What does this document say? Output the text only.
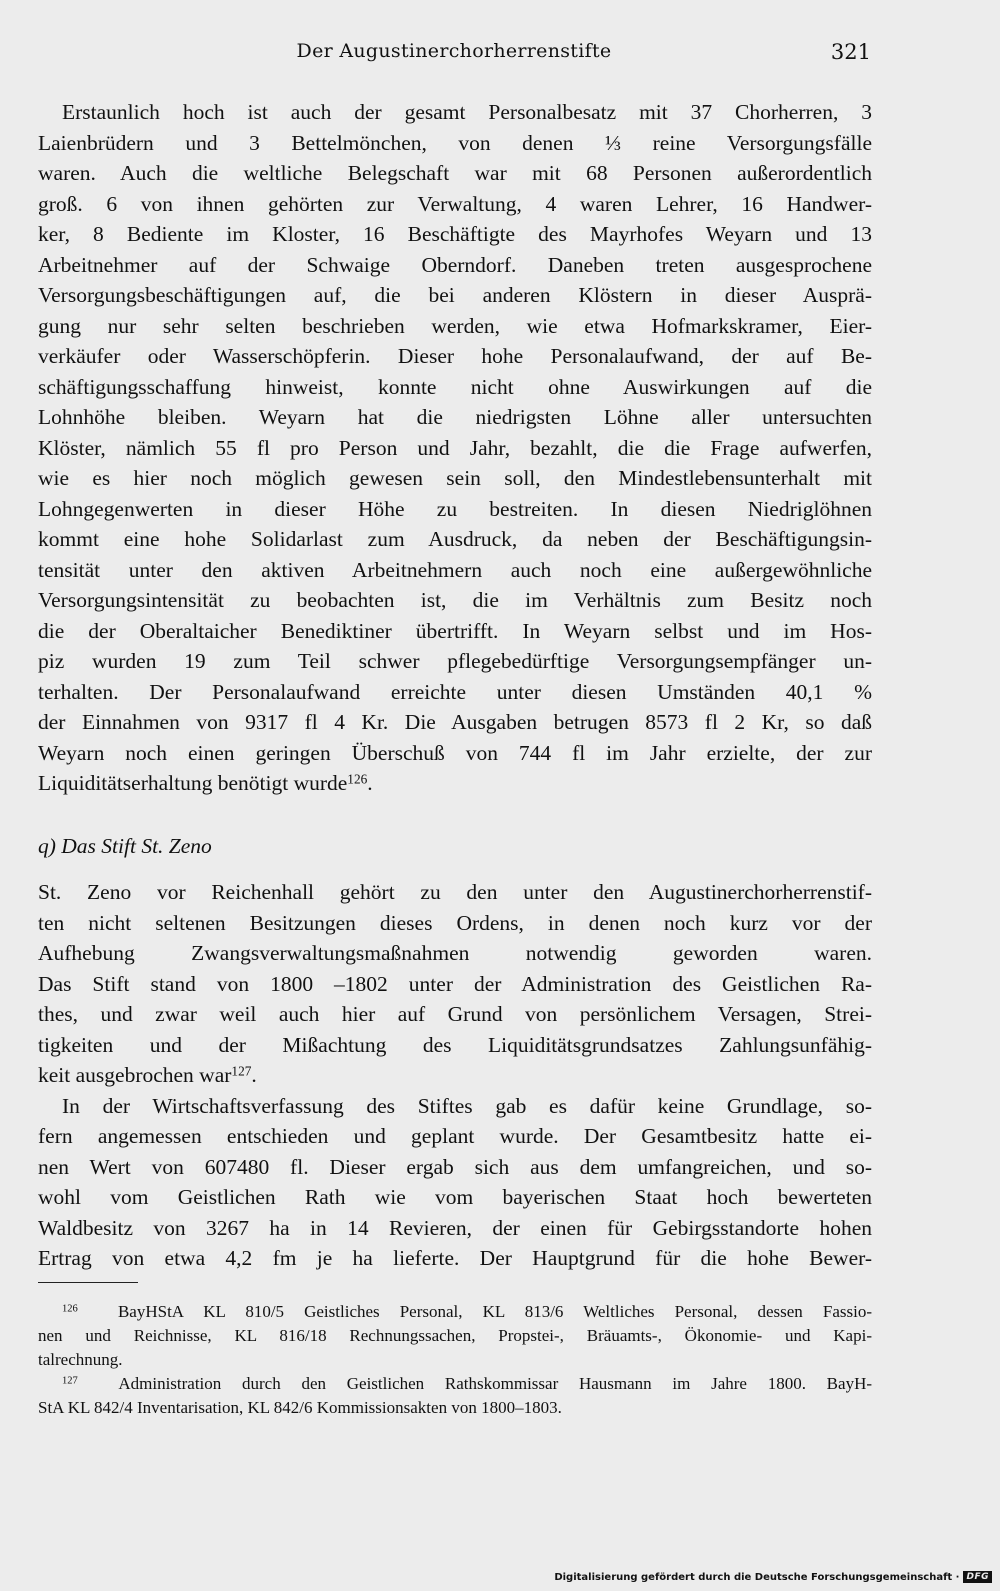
Der Augustinerchorherrenstifte	321
Erstaunlich hoch ist auch der gesamt Personalbesatz mit 37 Chorherren, 3
Laienbrüdern und 3 Bettelmönchen, von denen ⅓ reine Versorgungsfälle
waren. Auch die weltliche Belegschaft war mit 68 Personen außerordentlich
groß. 6 von ihnen gehörten zur Verwaltung, 4 waren Lehrer, 16 Handwer-
ker, 8 Bediente im Kloster, 16 Beschäftigte des Mayrhofes Weyarn und 13
Arbeitnehmer auf der Schwaige Oberndorf. Daneben treten ausgesprochene
Versorgungsbeschäftigungen auf, die bei anderen Klöstern in dieser Ausprä-
gung nur sehr selten beschrieben werden, wie etwa Hofmarkskramer, Eier-
verkäufer oder Wasserschöpferin. Dieser hohe Personalaufwand, der auf Be-
schäftigungsschaffung hinweist, konnte nicht ohne Auswirkungen auf die
Lohnhöhe bleiben. Weyarn hat die niedrigsten Löhne aller untersuchten
Klöster, nämlich 55 fl pro Person und Jahr, bezahlt, die die Frage aufwerfen,
wie es hier noch möglich gewesen sein soll, den Mindestlebensunterhalt mit
Lohngegenwerten in dieser Höhe zu bestreiten. In diesen Niedriglöhnen
kommt eine hohe Solidarlast zum Ausdruck, da neben der Beschäftigungsin-
tensität unter den aktiven Arbeitnehmern auch noch eine außergewöhnliche
Versorgungsintensität zu beobachten ist, die im Verhältnis zum Besitz noch
die der Oberaltaicher Benediktiner übertrifft. In Weyarn selbst und im Hos-
piz wurden 19 zum Teil schwer pflegebedürftige Versorgungsempfänger un-
terhalten. Der Personalaufwand erreichte unter diesen Umständen 40,1 %
der Einnahmen von 9317 fl 4 Kr. Die Ausgaben betrugen 8573 fl 2 Kr, so daß
Weyarn noch einen geringen Überschuß von 744 fl im Jahr erzielte, der zur
Liquiditätserhaltung benötigt wurde$^{126}$.
q) Das Stift St. Zeno
St. Zeno vor Reichenhall gehört zu den unter den Augustinerchorherrenstif-
ten nicht seltenen Besitzungen dieses Ordens, in denen noch kurz vor der
Aufhebung Zwangsverwaltungsmaßnahmen notwendig geworden waren.
Das Stift stand von 1800 –1802 unter der Administration des Geistlichen Ra-
thes, und zwar weil auch hier auf Grund von persönlichem Versagen, Strei-
tigkeiten und der Mißachtung des Liquiditätsgrundsatzes Zahlungsunfähig-
keit ausgebrochen war$^{127}$.
In der Wirtschaftsverfassung des Stiftes gab es dafür keine Grundlage, so-
fern angemessen entschieden und geplant wurde. Der Gesamtbesitz hatte ei-
nen Wert von 607480 fl. Dieser ergab sich aus dem umfangreichen, und so-
wohl vom Geistlichen Rath wie vom bayerischen Staat hoch bewerteten
Waldbesitz von 3267 ha in 14 Revieren, der einen für Gebirgsstandorte hohen
Ertrag von etwa 4,2 fm je ha lieferte. Der Hauptgrund für die hohe Bewer-
$^{126}$ BayHStA KL 810/5 Geistliches Personal, KL 813/6 Weltliches Personal, dessen Fassio-
nen und Reichnisse, KL 816/18 Rechnungssachen, Propstei-, Bräuamts-, Ökonomie- und Kapi-
talrechnung.
$^{127}$ Administration durch den Geistlichen Rathskommissar Hausmann im Jahre 1800. BayH-
StA KL 842/4 Inventarisation, KL 842/6 Kommissionsakten von 1800–1803.
Digitalisierung gefördert durch die Deutsche Forschungsgemeinschaft · DFG
